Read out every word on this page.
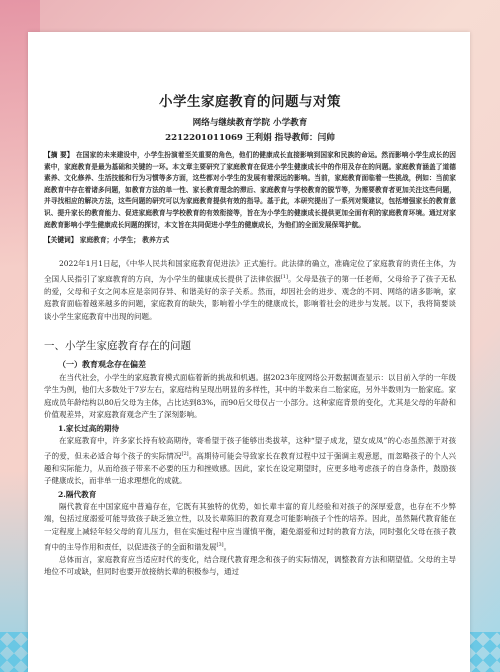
小学生家庭教育的问题与对策
网络与继续教育学院 小学教育
2212201011069 王利娟 指导教师：闫帅
【摘 要】 在国家的未来建设中，小学生扮演着至关重要的角色，他们的健康成长直接影响到国家和民族的命运。然而影响小学生成长的因素中，家庭教育是最为基础和关键的一环。本文章主要研究了家庭教育在促进小学生健康成长中的作用及存在的问题。家庭教育涵盖了道德素养、文化修养、生活技能和行为习惯等多方面，这些都对小学生的发展有着深远的影响。当前，家庭教育面临着一些挑战，例如：当前家庭教育中存在着诸多问题，如教育方法的单一性、家长教育理念的滞后、家庭教育与学校教育的脱节等，为需要教育者更加关注这些问题，并寻找相应的解决方法，这些问题的研究可以为家庭教育提供有效的指导。基于此，本研究提出了一系列对策建议，包括增强家长的教育意识、提升家长的教育能力、促进家庭教育与学校教育的有效衔接等，旨在为小学生的健康成长提供更加全面有利的家庭教育环境。通过对家庭教育影响小学生健康成长问题的探讨，本文旨在共同促进小学生的健康成长，为他们的全面发展保驾护航。
【关键词】 家庭教育；小学生； 教养方式

2022年1月1日起，《中华人民共和国家庭教育促进法》正式施行。此法律的确立，准确定位了家庭教育的责任主体，为全国人民指引了家庭教育的方向，为小学生的健康成长提供了法律依据[1]。父母是孩子的第一任老师，父母给予了孩子无私的爱，父母和子女之间本应是亲同存异、和谐美好的亲子关系。然而，却因社会的进步、观念的不同、网络的诸多影响，家庭教育面临着越来越多的问题，家庭教育的缺失，影响着小学生的健康成长，影响着社会的进步与发展。以下，我将简要谈谈小学生家庭教育中出现的问题。

一、小学生家庭教育存在的问题
（一）教育观念存在偏差

在当代社会，小学生的家庭教育模式面临着新的挑战和机遇。据2023年度网络公开数据调查显示：以目前入学的一年级学生为例，他们大多数处于7岁左右，家庭结构呈现出明显的多样性，其中的半数来自二胎家庭，另外半数则为一胎家庭。家庭成员年龄结构以80后父母为主体，占比达到83%，而90后父母仅占一小部分。这种家庭背景的变化，尤其是父母的年龄和价值观差异，对家庭教育观念产生了深刻影响。

1.家长过高的期待

在家庭教育中，许多家长持有较高期待，寄希望于孩子能够出类拔萃，这种“望子成龙，望女成凤”的心态虽然源于对孩子的爱，但未必适合每个孩子的实际情况[2]。高期待可能会导致家长在教育过程中过于强调主观意愿，而忽略孩子的个人兴趣和实际能力，从而给孩子带来不必要的压力和挫败感。因此，家长在设定期望时，应更多地考虑孩子的自身条件，鼓励孩子健康成长，而非单一追求理想化的成就。

2.隔代教育

隔代教育在中国家庭中普遍存在，它既有其独特的优势，如长辈丰富的育儿经验和对孩子的深厚爱意，也存在不少弊端，包括过度溺爱可能导致孩子缺乏独立性，以及长辈陈旧的教育观念可能影响孩子个性的培养。因此，虽然隔代教育能在一定程度上减轻年轻父母的育儿压力，但在实施过程中应当谨慎平衡，避免溺爱和过时的教育方法，同时强化父母在孩子教育中的主导作用和责任，以促进孩子的全面和谐发展[3]。

总体而言，家庭教育应当适应时代的变化，结合现代教育理念和孩子的实际情况，调整教育方法和期望值。父母的主导地位不可或缺，但同时也要开放接纳长辈的积极参与，通过
